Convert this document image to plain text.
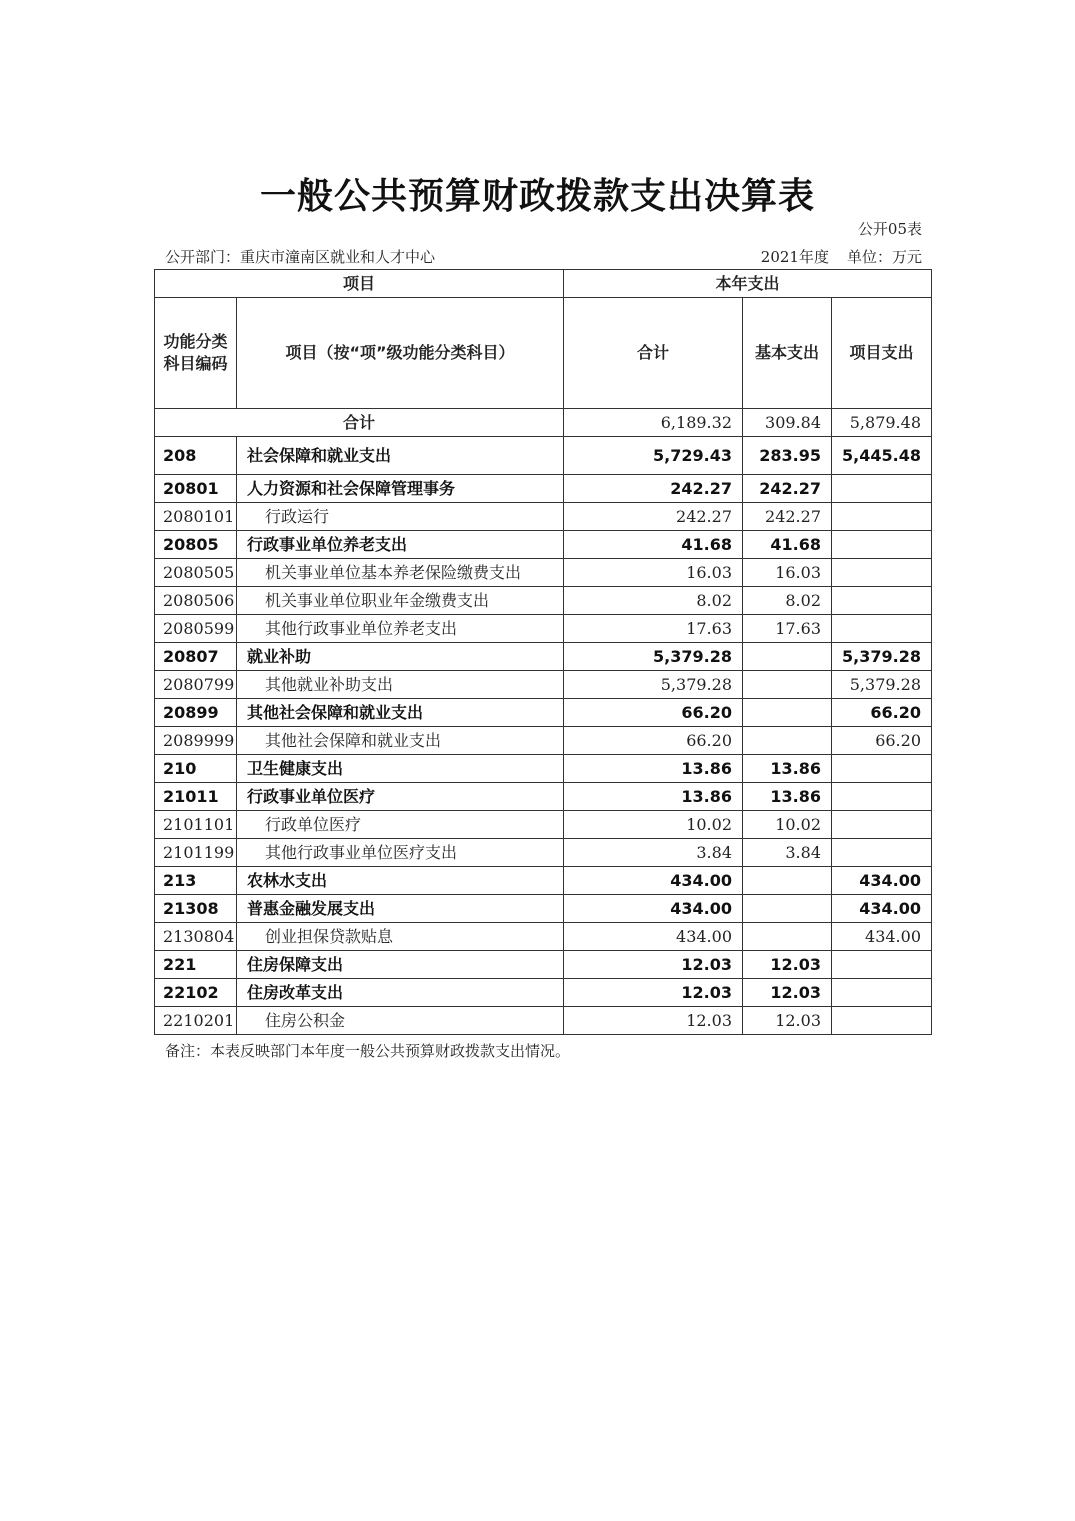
一般公共预算财政拨款支出决算表
公开05表
公开部门：重庆市潼南区就业和人才中心	2021年度 单位：万元
项目		本年支出		
功能分类科目编码	项目（按“项”级功能分类科目）	合计	基本支出	项目支出
合计		6,189.32	309.84	5,879.48
208	社会保障和就业支出	5,729.43	283.95	5,445.48
20801	人力资源和社会保障管理事务	242.27	242.27	
2080101	行政运行	242.27	242.27	
20805	行政事业单位养老支出	41.68	41.68	
2080505	机关事业单位基本养老保险缴费支出	16.03	16.03	
2080506	机关事业单位职业年金缴费支出	8.02	8.02	
2080599	其他行政事业单位养老支出	17.63	17.63	
20807	就业补助	5,379.28		5,379.28
2080799	其他就业补助支出	5,379.28		5,379.28
20899	其他社会保障和就业支出	66.20		66.20
2089999	其他社会保障和就业支出	66.20		66.20
210	卫生健康支出	13.86	13.86	
21011	行政事业单位医疗	13.86	13.86	
2101101	行政单位医疗	10.02	10.02	
2101199	其他行政事业单位医疗支出	3.84	3.84	
213	农林水支出	434.00		434.00
21308	普惠金融发展支出	434.00		434.00
2130804	创业担保贷款贴息	434.00		434.00
221	住房保障支出	12.03	12.03	
22102	住房改革支出	12.03	12.03	
2210201	住房公积金	12.03	12.03	
备注：本表反映部门本年度一般公共预算财政拨款支出情况。
